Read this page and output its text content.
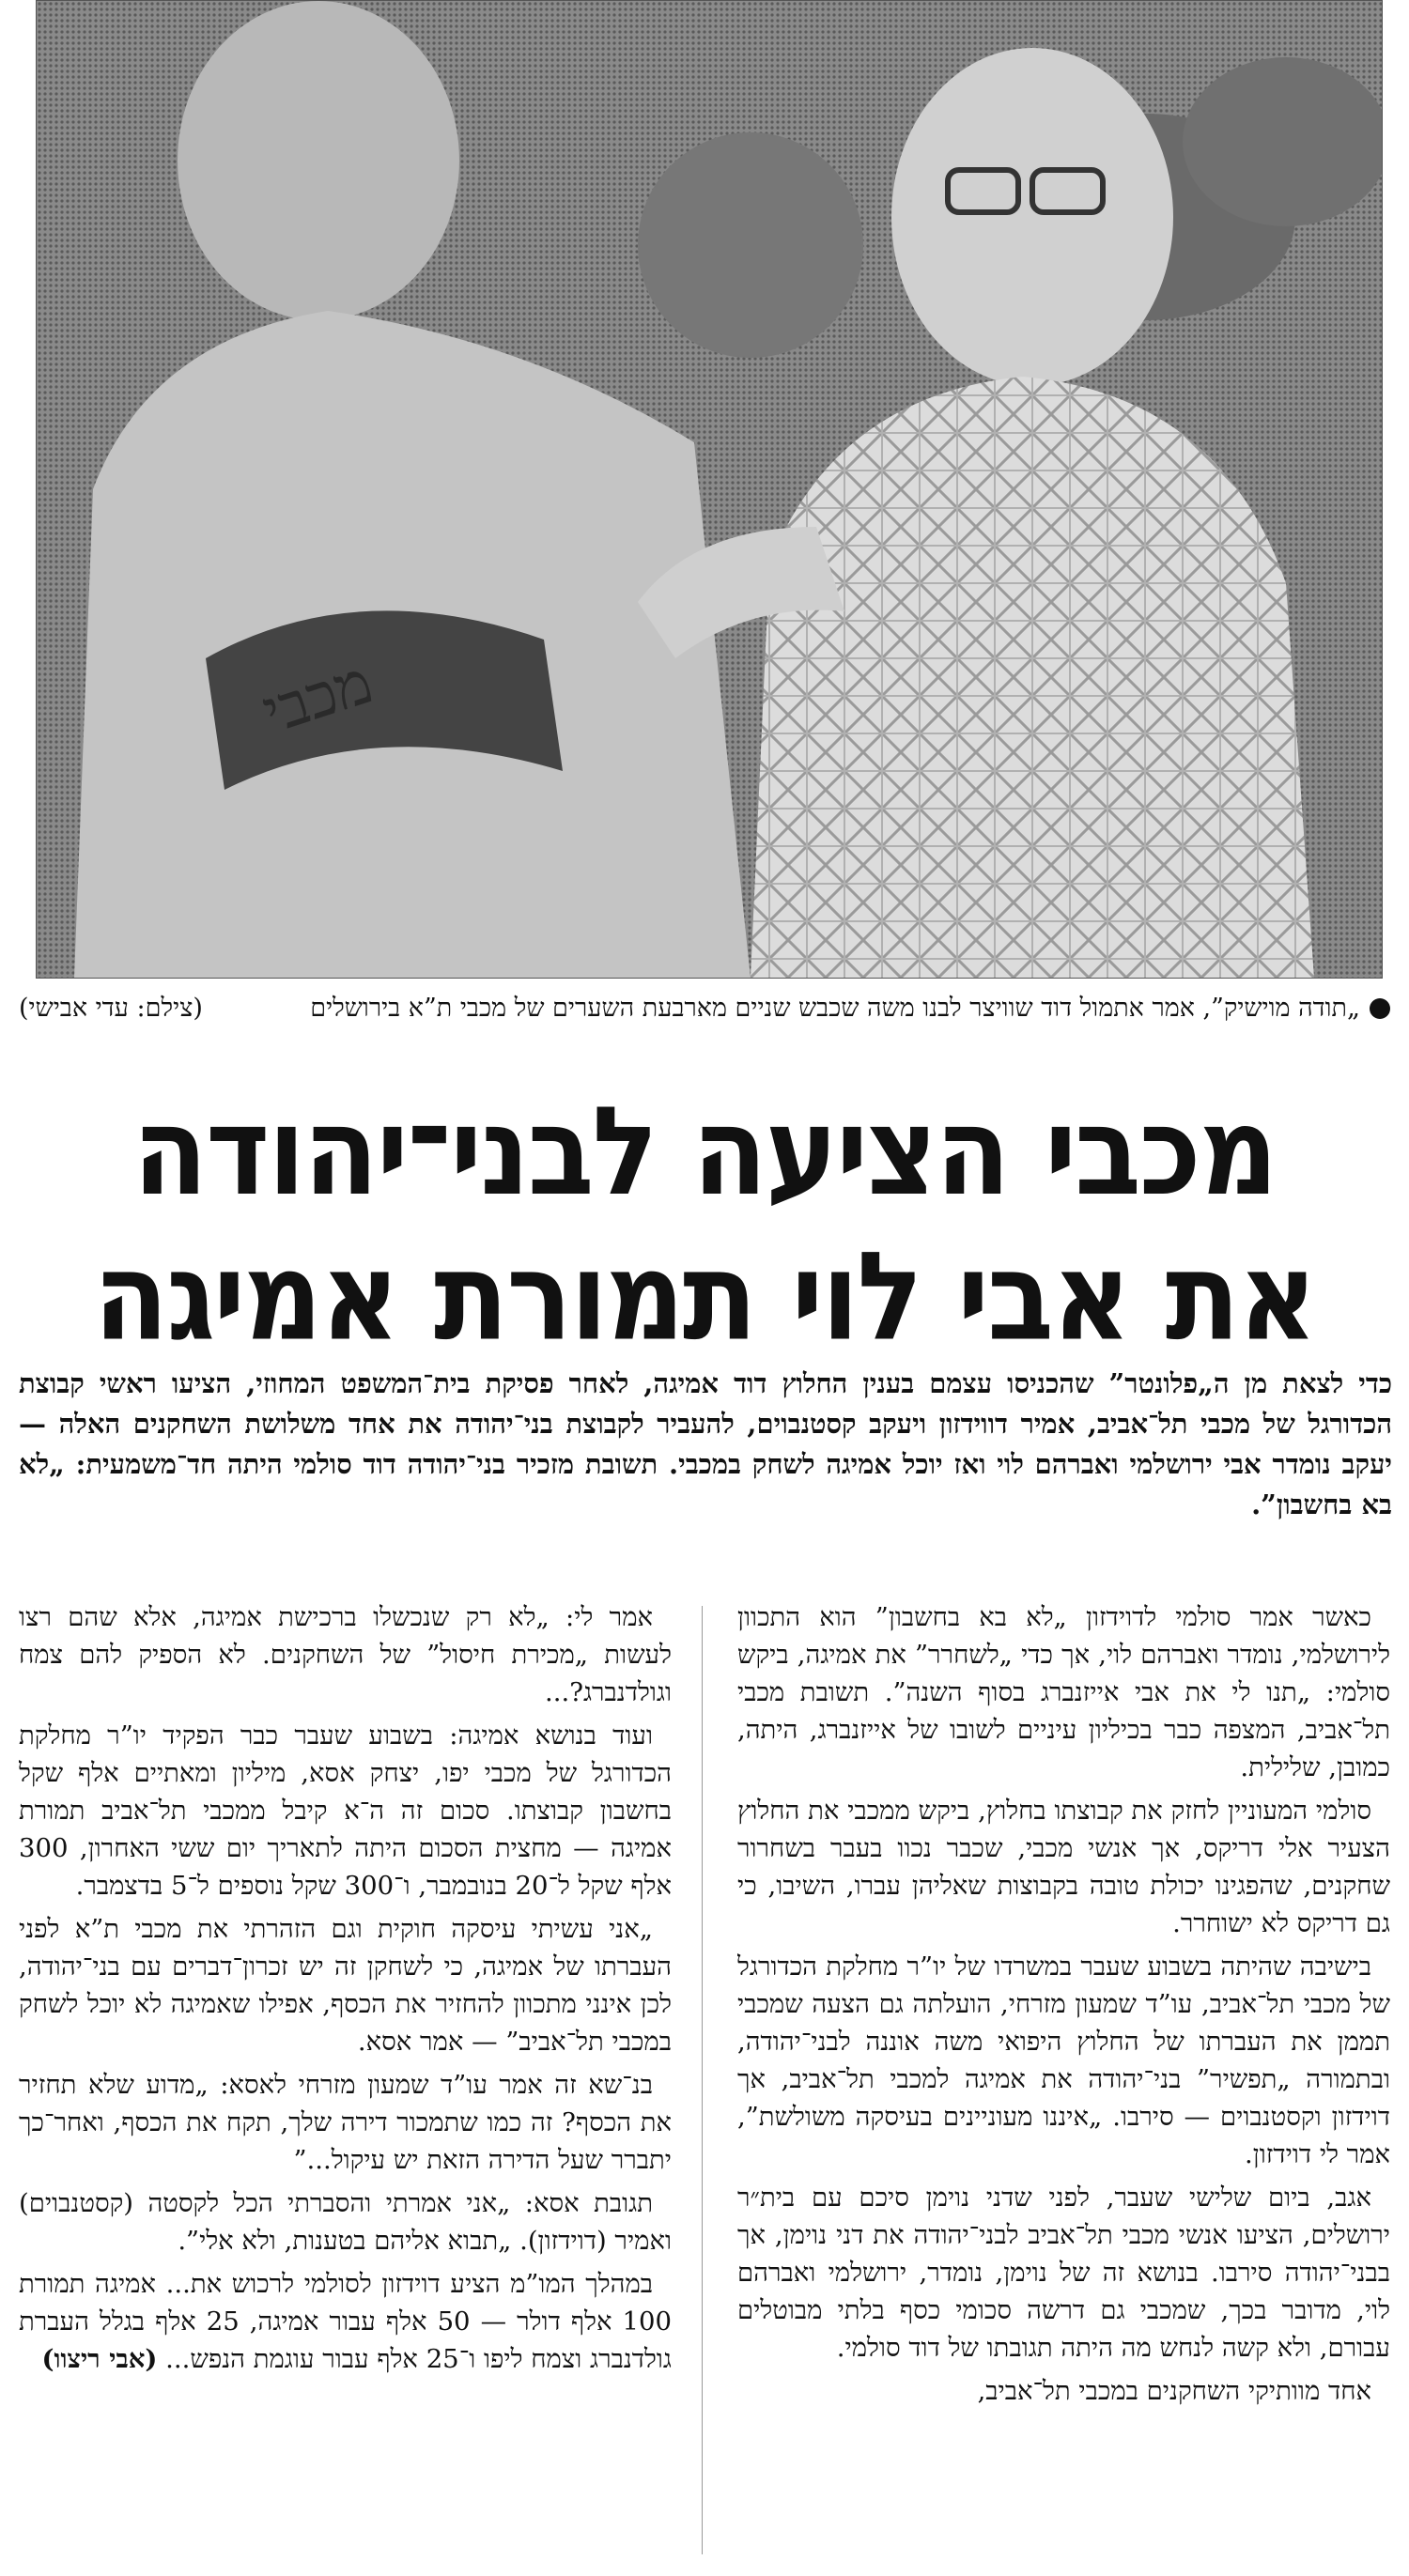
מכבי
„תודה מוישיק”, אמר אתמול דוד שוויצר לבנו משה שכבש שניים מארבעת השערים של מכבי ת”א בירושלים
(צילם: עדי אבישי)
מכבי הציעה לבני־יהודה
את אבי לוי תמורת אמיגה
כדי לצאת מן ה„פלונטר” שהכניסו עצמם בענין החלוץ דוד אמיגה, לאחר פסיקת בית־המשפט המחוזי, הציעו ראשי קבוצת הכדורגל של מכבי תל־אביב, אמיר דווידזון ויעקב קסטנבוים, להעביר לקבוצת בני־יהודה את אחד משלושת השחקנים האלה — יעקב נומדר אבי ירושלמי ואברהם לוי ואז יוכל אמיגה לשחק במכבי. תשובת מזכיר בני־יהודה דוד סולמי היתה חד־משמעית: „לא בא בחשבון”.

כאשר אמר סולמי לדוידזון „לא בא בחשבון” הוא התכוון לירושלמי, נומדר ואברהם לוי, אך כדי „לשחרר” את אמיגה, ביקש סולמי: „תנו לי את אבי אייזנברג בסוף השנה”. תשובת מכבי תל־אביב, המצפה כבר בכיליון עיניים לשובו של אייזנברג, היתה, כמובן, שלילית.

סולמי המעוניין לחזק את קבוצתו בחלוץ, ביקש ממכבי את החלוץ הצעיר אלי דריקס, אך אנשי מכבי, שכבר נכוו בעבר בשחרור שחקנים, שהפגינו יכולת טובה בקבוצות שאליהן עברו, השיבו, כי גם דריקס לא ישוחרר.

בישיבה שהיתה בשבוע שעבר במשרדו של יו”ר מחלקת הכדורגל של מכבי תל־אביב, עו”ד שמעון מזרחי, הועלתה גם הצעה שמכבי תממן את העברתו של החלוץ היפואי משה אוננה לבני־יהודה, ובתמורה „תפשיר” בני־יהודה את אמיגה למכבי תל־אביב, אך דוידזון וקסטנבוים — סירבו. „איננו מעוניינים בעיסקה משולשת”, אמר לי דוידזון.

אגב, ביום שלישי שעבר, לפני שדני נוימן סיכם עם בית״ר ירושלים, הציעו אנשי מכבי תל־אביב לבני־יהודה את דני נוימן, אך בבני־יהודה סירבו. בנושא זה של נוימן, נומדר, ירושלמי ואברהם לוי, מדובר בכך, שמכבי גם דרשה סכומי כסף בלתי מבוטלים עבורם, ולא קשה לנחש מה היתה תגובתו של דוד סולמי.

אחד מוותיקי השחקנים במכבי תל־אביב,

אמר לי: „לא רק שנכשלו ברכישת אמיגה, אלא שהם רצו לעשות „מכירת חיסול” של השחקנים. לא הספיק להם צמח וגולדנברג?...

ועוד בנושא אמיגה: בשבוע שעבר כבר הפקיד יו”ר מחלקת הכדורגל של מכבי יפו, יצחק אסא, מיליון ומאתיים אלף שקל בחשבון קבוצתו. סכום זה ה־א קיבל ממכבי תל־אביב תמורת אמיגה — מחצית הסכום היתה לתאריך יום ששי האחרון, 300 אלף שקל ל־20 בנובמבר, ו־300 שקל נוספים ל־5 בדצמבר.

„אני עשיתי עיסקה חוקית וגם הזהרתי את מכבי ת”א לפני העברתו של אמיגה, כי לשחקן זה יש זכרון־דברים עם בני־יהודה, לכן אינני מתכוון להחזיר את הכסף, אפילו שאמיגה לא יוכל לשחק במכבי תל־אביב” — אמר אסא.

בנ־שא זה אמר עו”ד שמעון מזרחי לאסא: „מדוע שלא תחזיר את הכסף? זה כמו שתמכור דירה שלך, תקח את הכסף, ואחר־כך יתברר שעל הדירה הזאת יש עיקול...”

תגובת אסא: „אני אמרתי והסברתי הכל לקסטה (קסטנבוים) ואמיר (דוידזון). „תבוא אליהם בטענות, ולא אלי”.

במהלך המו”מ הציע דוידזון לסולמי לרכוש את... אמיגה תמורת 100 אלף דולר — 50 אלף עבור אמיגה, 25 אלף בגלל העברת גולדנברג וצמח ליפו ו־25 אלף עבור עוגמת הנפש... (אבי ריצוו)
